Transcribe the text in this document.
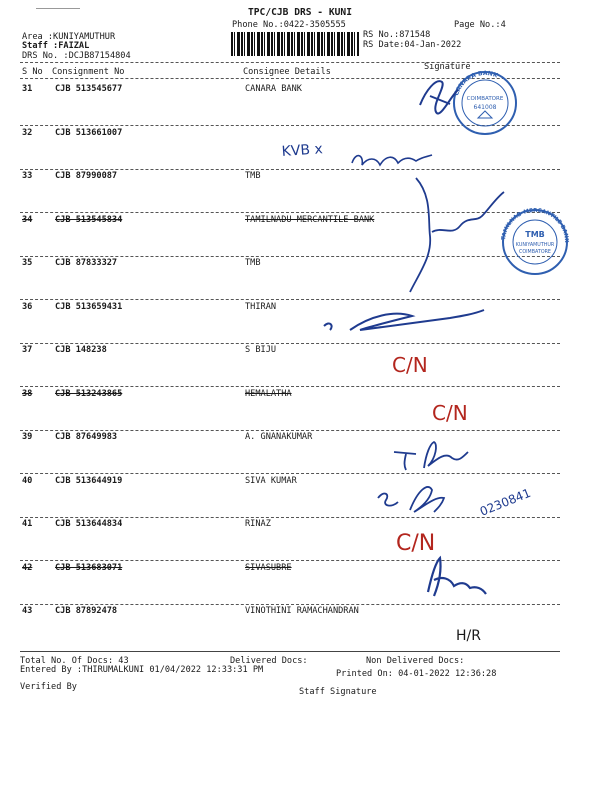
TPC/CJB DRS - KUNI
Phone No.:0422-3505555	Page No.:4
Area :KUNIYAMUTHUR
Staff :FAIZAL
DRS No. :DCJB87154804
RS No.:871548
RS Date:04-Jan-2022
S No Consignment No	Consignee Details	Signature
31	CJB 513545677	CANARA BANK
32	CJB 513661007
33	CJB 87990087	TMB
34	CJB 513545834	TAMILNADU MERCANTILE BANK
35	CJB 87833327	TMB
36	CJB 513659431	THIRAN
37	CJB 148238	S BIJU
38	CJB 513243865	HEMALATHA
39	CJB 87649983	A. GNANAKUMAR
40	CJB 513644919	SIVA KUMAR
41	CJB 513644834	RINAZ
42	CJB 513683071	SIVASUBRE
43	CJB 87892478	VINOTHINI RAMACHANDRAN
Total No. Of Docs: 43	Delivered Docs:	Non Delivered Docs:
Entered By :THIRUMALKUNI 01/04/2022 12:33:31 PM	Printed On: 04-01-2022 12:36:28
Verified By	Staff Signature
CANARA BANK
COIMBATORE
641008
TAMILNAD MERCANTILE BANK
TMB
KUNIYAMUTHUR
COIMBATORE
KVB x
C/N
C/N
0230841
C/N
H/R
